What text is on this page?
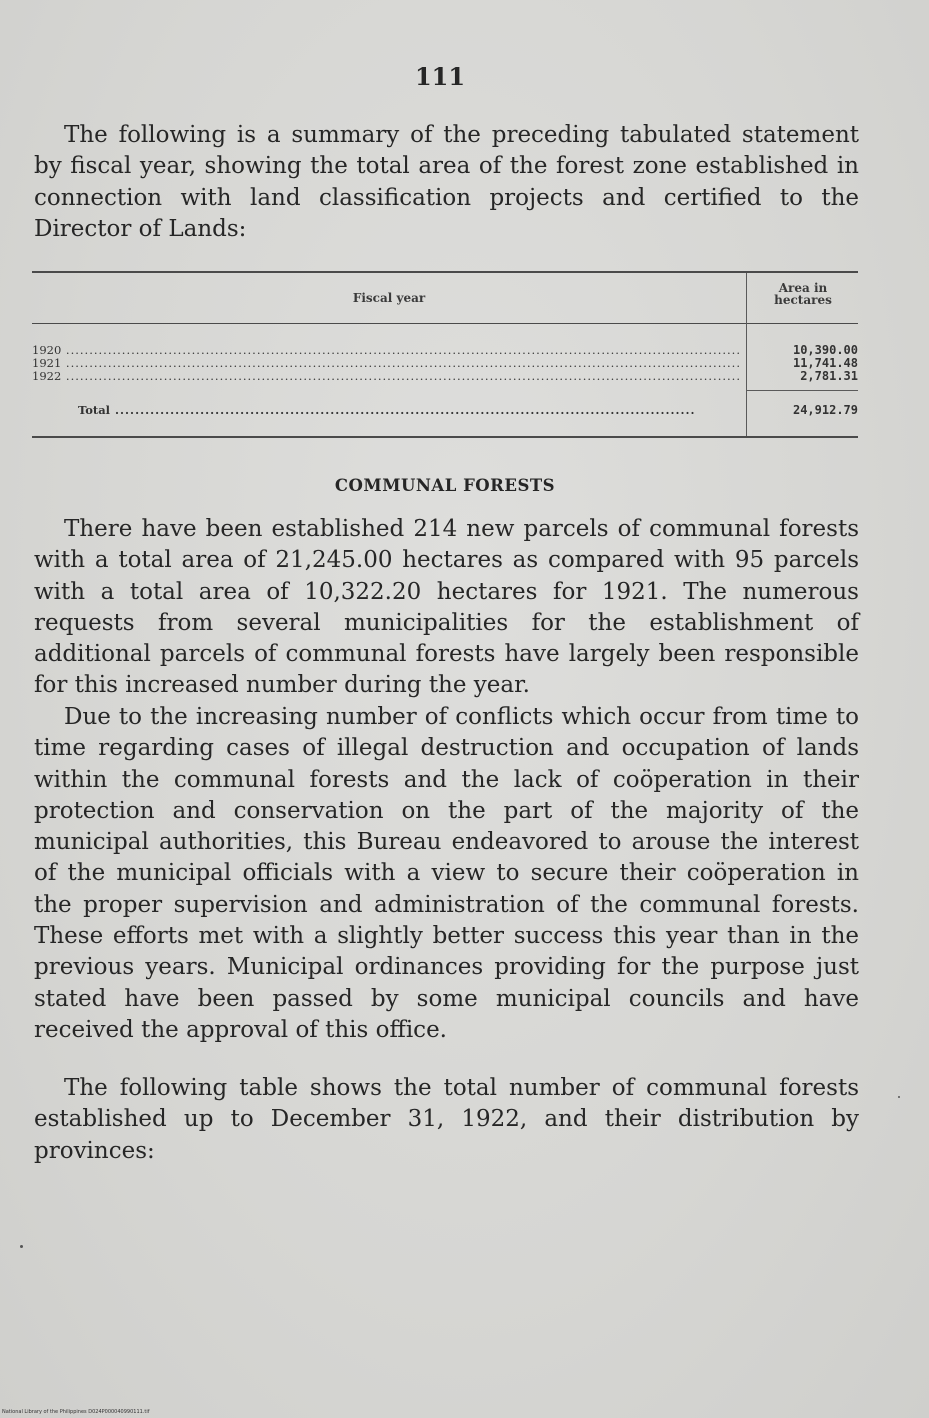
111

The following is a summary of the preceding tabulated statement by fiscal year, showing the total area of the forest zone established in connection with land classification projects and certified to the Director of Lands:

Fiscal year
Area in hectares
1920 .....	10,390.00
1921 .....	11,741.48
1922 .....	2,781.31
Total .....	24,912.79
COMMUNAL FORESTS

There have been established 214 new parcels of communal forests with a total area of 21,245.00 hectares as compared with 95 parcels with a total area of 10,322.20 hectares for 1921. The numerous requests from several municipalities for the establishment of additional parcels of communal forests have largely been responsible for this increased number during the year.

Due to the increasing number of conflicts which occur from time to time regarding cases of illegal destruction and occupation of lands within the communal forests and the lack of coöperation in their protection and conservation on the part of the majority of the municipal authorities, this Bureau endeavored to arouse the interest of the municipal officials with a view to secure their coöperation in the proper supervision and administration of the communal forests. These efforts met with a slightly better success this year than in the previous years. Municipal ordinances providing for the purpose just stated have been passed by some municipal councils and have received the approval of this office.

The following table shows the total number of communal forests established up to December 31, 1922, and their distribution by provinces:

National Library of the Philippines D024P000040990111.tif
